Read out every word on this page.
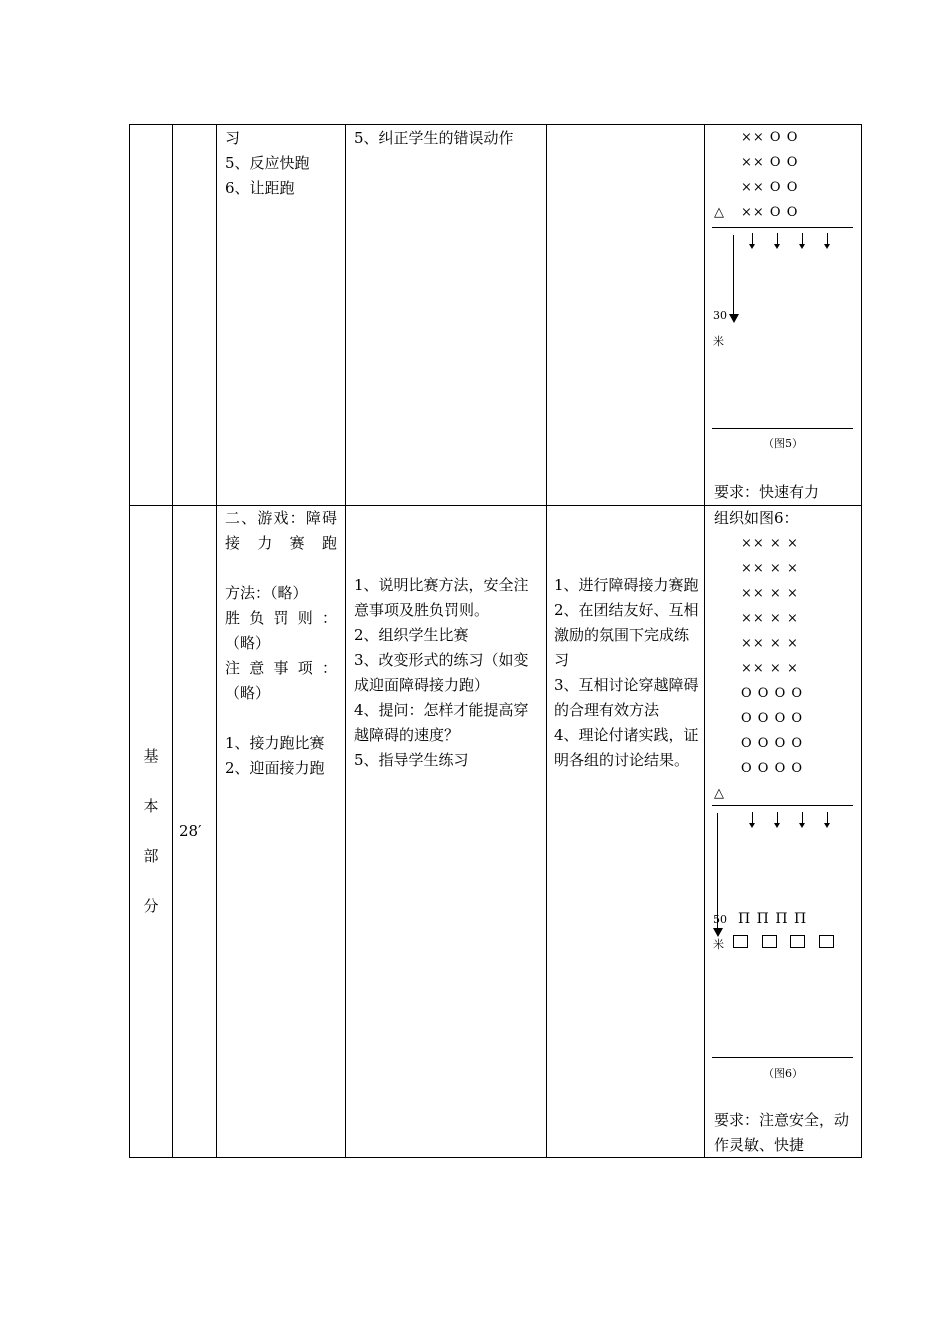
习
5、反应快跑
6、让距跑
5、纠正学生的错误动作	×× O O
×× O O
×× O O
△ ×× O O
30
米
（图5）
要求：快速有力
基
本
部
分
28′
二、游戏：障碍接力赛跑
方法：（略）
胜负罚则：
（略）
注意事项：
（略）
1、接力跑比赛
2、迎面接力跑
1、说明比赛方法，安全注意事项及胜负罚则。
2、组织学生比赛
3、改变形式的练习（如变成迎面障碍接力跑）
4、提问：怎样才能提高穿越障碍的速度？
5、指导学生练习
1、进行障碍接力赛跑
2、在团结友好、互相激励的氛围下完成练习
3、互相讨论穿越障碍的合理有效方法
4、理论付诸实践，证明各组的讨论结果。
组织如图6：
×× × ×
×× × ×
×× × ×
×× × ×
×× × ×
×× × ×
O O O O
O O O O
O O O O
O O O O
△
50 Π Π Π Π
米
（图6）
要求：注意安全，动作灵敏、快捷
